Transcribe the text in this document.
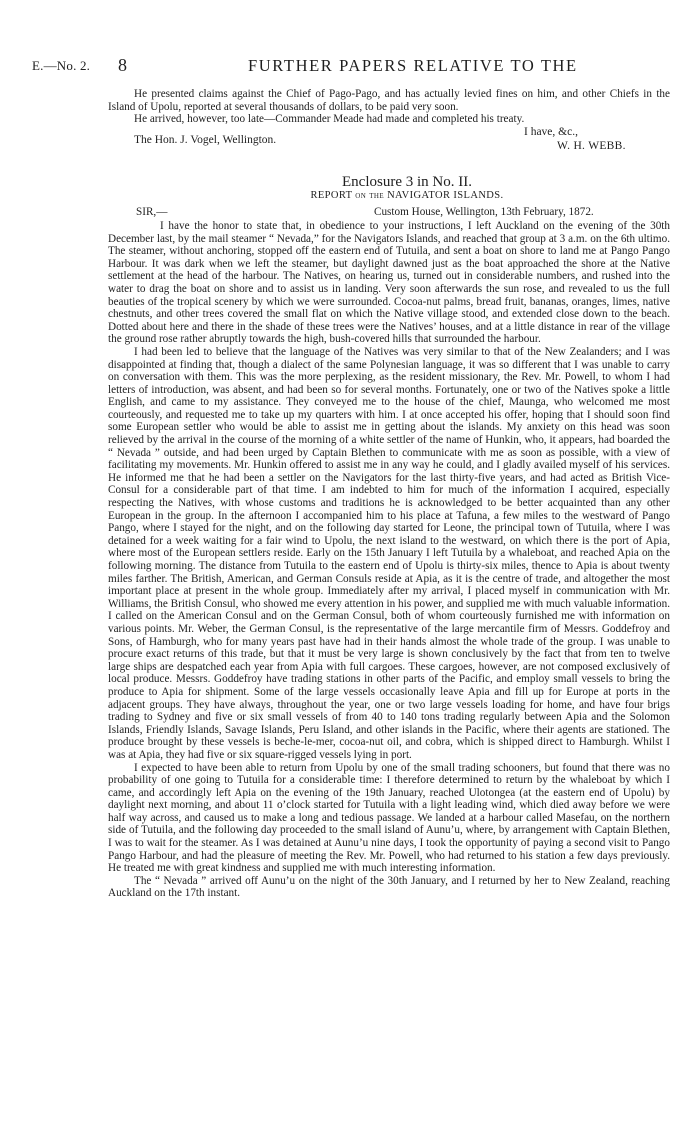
E.—No. 2. 8	FURTHER PAPERS RELATIVE TO THE

He presented claims against the Chief of Pago-Pago, and has actually levied fines on him, and other Chiefs in the Island of Upolu, reported at several thousands of dollars, to be paid very soon.

He arrived, however, too late—Commander Meade had made and completed his treaty.

I have, &c.,
The Hon. J. Vogel, Wellington.	W. H. WEBB.
Enclosure 3 in No. II.
REPORT on the NAVIGATOR ISLANDS.
SIR,—	Custom House, Wellington, 13th February, 1872.

I have the honor to state that, in obedience to your instructions, I left Auckland on the evening of the 30th December last, by the mail steamer “ Nevada,” for the Navigators Islands, and reached that group at 3 a.m. on the 6th ultimo. The steamer, without anchoring, stopped off the eastern end of Tutuila, and sent a boat on shore to land me at Pango Pango Harbour. It was dark when we left the steamer, but daylight dawned just as the boat approached the shore at the Native settlement at the head of the harbour. The Natives, on hearing us, turned out in considerable numbers, and rushed into the water to drag the boat on shore and to assist us in landing. Very soon afterwards the sun rose, and revealed to us the full beauties of the tropical scenery by which we were surrounded. Cocoa-nut palms, bread fruit, bananas, oranges, limes, native chestnuts, and other trees covered the small flat on which the Native village stood, and extended close down to the beach. Dotted about here and there in the shade of these trees were the Natives’ houses, and at a little distance in rear of the village the ground rose rather abruptly towards the high, bush-covered hills that surrounded the harbour.

I had been led to believe that the language of the Natives was very similar to that of the New Zealanders; and I was disappointed at finding that, though a dialect of the same Polynesian language, it was so different that I was unable to carry on conversation with them. This was the more perplexing, as the resident missionary, the Rev. Mr. Powell, to whom I had letters of introduction, was absent, and had been so for several months. Fortunately, one or two of the Natives spoke a little English, and came to my assistance. They conveyed me to the house of the chief, Maunga, who welcomed me most courteously, and requested me to take up my quarters with him. I at once accepted his offer, hoping that I should soon find some European settler who would be able to assist me in getting about the islands. My anxiety on this head was soon relieved by the arrival in the course of the morning of a white settler of the name of Hunkin, who, it appears, had boarded the “ Nevada ” outside, and had been urged by Captain Blethen to communicate with me as soon as possible, with a view of facilitating my movements. Mr. Hunkin offered to assist me in any way he could, and I gladly availed myself of his services. He informed me that he had been a settler on the Navigators for the last thirty-five years, and had acted as British Vice-Consul for a considerable part of that time. I am indebted to him for much of the information I acquired, especially respecting the Natives, with whose customs and traditions he is acknowledged to be better acquainted than any other European in the group. In the afternoon I accompanied him to his place at Tafuna, a few miles to the westward of Pango Pango, where I stayed for the night, and on the following day started for Leone, the principal town of Tutuila, where I was detained for a week waiting for a fair wind to Upolu, the next island to the westward, on which there is the port of Apia, where most of the European settlers reside. Early on the 15th January I left Tutuila by a whaleboat, and reached Apia on the following morning. The distance from Tutuila to the eastern end of Upolu is thirty-six miles, thence to Apia is about twenty miles farther. The British, American, and German Consuls reside at Apia, as it is the centre of trade, and altogether the most important place at present in the whole group. Immediately after my arrival, I placed myself in communication with Mr. Williams, the British Consul, who showed me every attention in his power, and supplied me with much valuable information. I called on the American Consul and on the German Consul, both of whom courteously furnished me with information on various points. Mr. Weber, the German Consul, is the representative of the large mercantile firm of Messrs. Goddefroy and Sons, of Hamburgh, who for many years past have had in their hands almost the whole trade of the group. I was unable to procure exact returns of this trade, but that it must be very large is shown conclusively by the fact that from ten to twelve large ships are despatched each year from Apia with full cargoes. These cargoes, however, are not composed exclusively of local produce. Messrs. Goddefroy have trading stations in other parts of the Pacific, and employ small vessels to bring the produce to Apia for shipment. Some of the large vessels occasionally leave Apia and fill up for Europe at ports in the adjacent groups. They have always, throughout the year, one or two large vessels loading for home, and have four brigs trading to Sydney and five or six small vessels of from 40 to 140 tons trading regularly between Apia and the Solomon Islands, Friendly Islands, Savage Islands, Peru Island, and other islands in the Pacific, where their agents are stationed. The produce brought by these vessels is beche-le-mer, cocoa-nut oil, and cobra, which is shipped direct to Hamburgh. Whilst I was at Apia, they had five or six square-rigged vessels lying in port.

I expected to have been able to return from Upolu by one of the small trading schooners, but found that there was no probability of one going to Tutuila for a considerable time: I therefore determined to return by the whaleboat by which I came, and accordingly left Apia on the evening of the 19th January, reached Ulotongea (at the eastern end of Upolu) by daylight next morning, and about 11 o’clock started for Tutuila with a light leading wind, which died away before we were half way across, and caused us to make a long and tedious passage. We landed at a harbour called Masefau, on the northern side of Tutuila, and the following day proceeded to the small island of Aunu’u, where, by arrangement with Captain Blethen, I was to wait for the steamer. As I was detained at Aunu’u nine days, I took the opportunity of paying a second visit to Pango Pango Harbour, and had the pleasure of meeting the Rev. Mr. Powell, who had returned to his station a few days previously. He treated me with great kindness and supplied me with much interesting information.

The “ Nevada ” arrived off Aunu’u on the night of the 30th January, and I returned by her to New Zealand, reaching Auckland on the 17th instant.
